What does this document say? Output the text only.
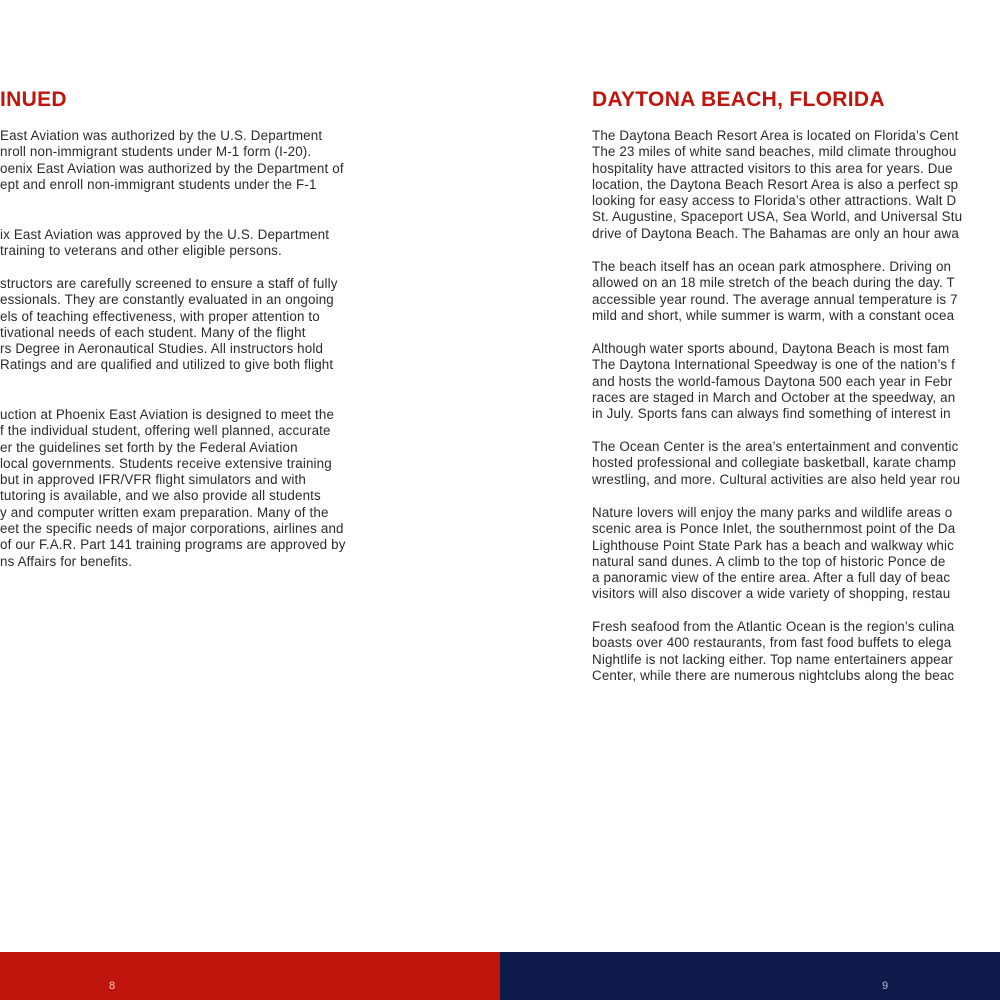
INUED
East Aviation was authorized by the U.S. Department
nroll non-immigrant students under M-1 form (I-20).
oenix East Aviation was authorized by the Department of
ept and enroll non-immigrant students under the F-1
ix East Aviation was approved by the U.S. Department
training to veterans and other eligible persons.
structors are carefully screened to ensure a staff of fully
essionals. They are constantly evaluated in an ongoing
els of teaching effectiveness, with proper attention to
tivational needs of each student. Many of the flight
rs Degree in Aeronautical Studies. All instructors hold
Ratings and are qualified and utilized to give both flight
uction at Phoenix East Aviation is designed to meet the
f the individual student, offering well planned, accurate
er the guidelines set forth by the Federal Aviation
local governments. Students receive extensive training
but in approved IFR/VFR flight simulators and with
tutoring is available, and we also provide all students
y and computer written exam preparation. Many of the
eet the specific needs of major corporations, airlines and
of our F.A.R. Part 141 training programs are approved by
ns Affairs for benefits.
DAYTONA BEACH, FLORIDA
The Daytona Beach Resort Area is located on Florida’s Cent
The 23 miles of white sand beaches, mild climate throughou
hospitality have attracted visitors to this area for years. Due
location, the Daytona Beach Resort Area is also a perfect sp
looking for easy access to Florida’s other attractions. Walt D
St. Augustine, Spaceport USA, Sea World, and Universal Stu
drive of Daytona Beach. The Bahamas are only an hour awa
The beach itself has an ocean park atmosphere. Driving on
allowed on an 18 mile stretch of the beach during the day. T
accessible year round. The average annual temperature is 7
mild and short, while summer is warm, with a constant ocea
Although water sports abound, Daytona Beach is most fam
The Daytona International Speedway is one of the nation’s f
and hosts the world-famous Daytona 500 each year in Febr
races are staged in March and October at the speedway, an
in July. Sports fans can always find something of interest in
The Ocean Center is the area’s entertainment and conventic
hosted professional and collegiate basketball, karate champ
wrestling, and more. Cultural activities are also held year rou
Nature lovers will enjoy the many parks and wildlife areas o
scenic area is Ponce Inlet, the southernmost point of the Da
Lighthouse Point State Park has a beach and walkway whic
natural sand dunes. A climb to the top of historic Ponce de
a panoramic view of the entire area. After a full day of beac
visitors will also discover a wide variety of shopping, restau
Fresh seafood from the Atlantic Ocean is the region’s culina
boasts over 400 restaurants, from fast food buffets to elega
Nightlife is not lacking either. Top name entertainers appear
Center, while there are numerous nightclubs along the beac
8	9
